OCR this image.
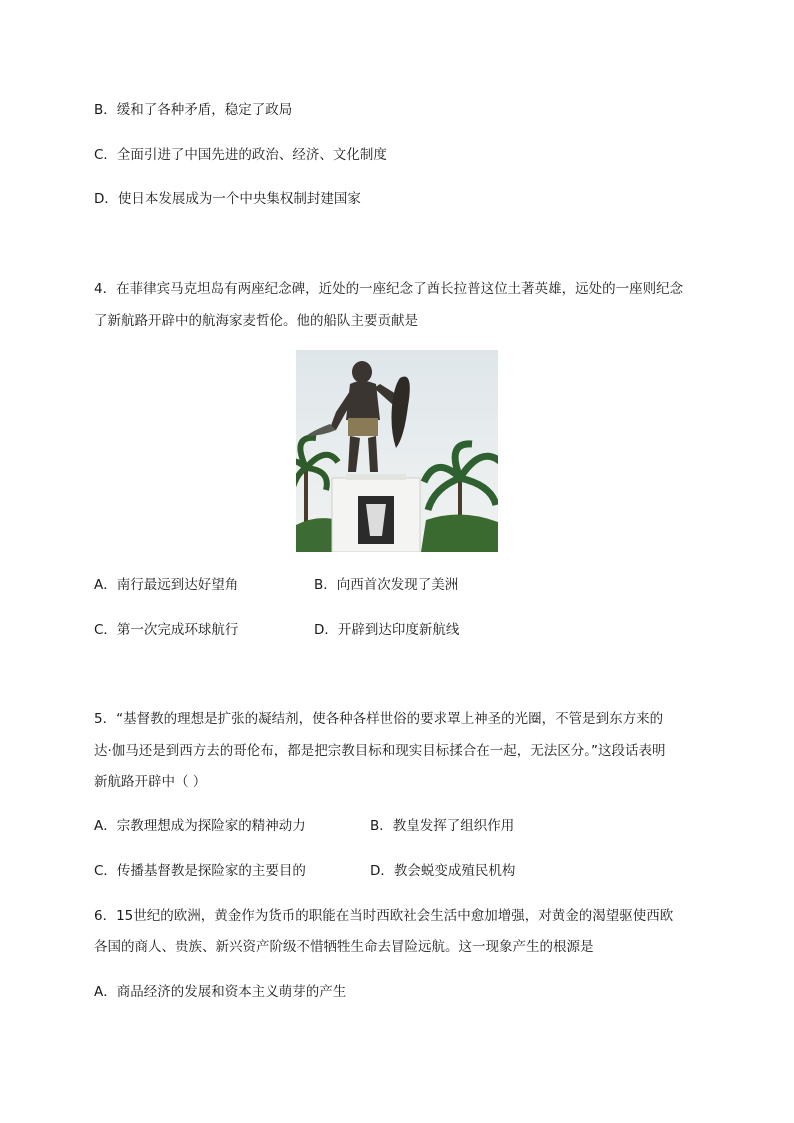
B．缓和了各种矛盾，稳定了政局
C．全面引进了中国先进的政治、经济、文化制度
D．使日本发展成为一个中央集权制封建国家
4．在菲律宾马克坦岛有两座纪念碑，近处的一座纪念了酋长拉普这位土著英雄，远处的一座则纪念
了新航路开辟中的航海家麦哲伦。他的船队主要贡献是
A．南行最远到达好望角	B．向西首次发现了美洲
C．第一次完成环球航行	D．开辟到达印度新航线
5．“基督教的理想是扩张的凝结剂，使各种各样世俗的要求罩上神圣的光圈，不管是到东方来的
达·伽马还是到西方去的哥伦布，都是把宗教目标和现实目标揉合在一起，无法区分。”这段话表明
新航路开辟中（ ）
A．宗教理想成为探险家的精神动力	B．教皇发挥了组织作用
C．传播基督教是探险家的主要目的	D．教会蜕变成殖民机构
6．15世纪的欧洲，黄金作为货币的职能在当时西欧社会生活中愈加增强，对黄金的渴望驱使西欧
各国的商人、贵族、新兴资产阶级不惜牺牲生命去冒险远航。这一现象产生的根源是
A．商品经济的发展和资本主义萌芽的产生
